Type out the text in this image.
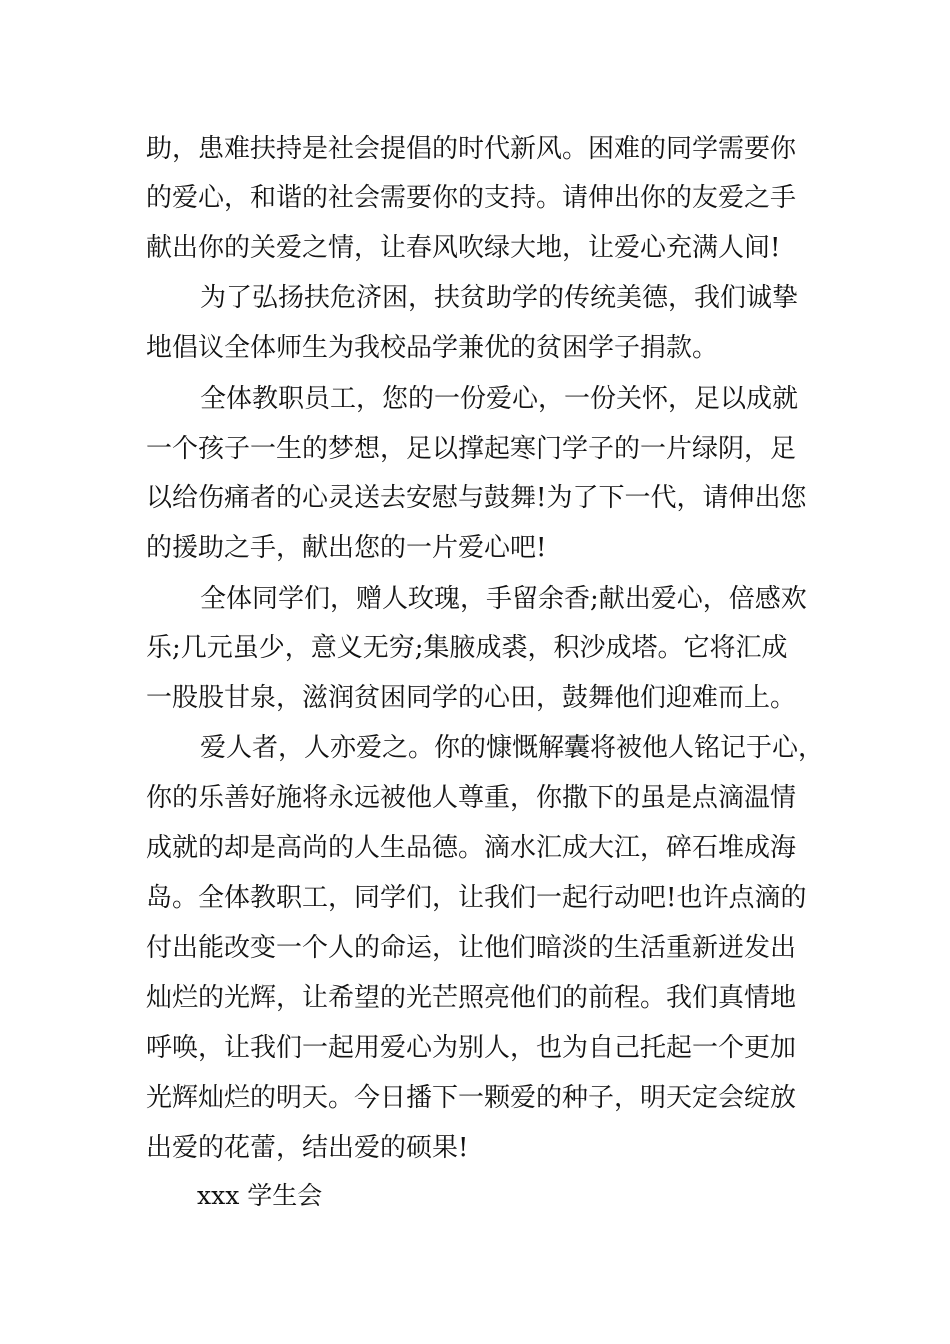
助，患难扶持是社会提倡的时代新风。困难的同学需要你
的爱心，和谐的社会需要你的支持。请伸出你的友爱之手
献出你的关爱之情，让春风吹绿大地，让爱心充满人间!
为了弘扬扶危济困，扶贫助学的传统美德，我们诚挚
地倡议全体师生为我校品学兼优的贫困学子捐款。
全体教职员工，您的一份爱心，一份关怀，足以成就
一个孩子一生的梦想，足以撑起寒门学子的一片绿阴，足
以给伤痛者的心灵送去安慰与鼓舞!为了下一代，请伸出您
的援助之手，献出您的一片爱心吧!
全体同学们，赠人玫瑰，手留余香;献出爱心，倍感欢
乐;几元虽少，意义无穷;集腋成裘，积沙成塔。它将汇成
一股股甘泉，滋润贫困同学的心田，鼓舞他们迎难而上。
爱人者，人亦爱之。你的慷慨解囊将被他人铭记于心，
你的乐善好施将永远被他人尊重，你撒下的虽是点滴温情
成就的却是高尚的人生品德。滴水汇成大江，碎石堆成海
岛。全体教职工，同学们，让我们一起行动吧!也许点滴的
付出能改变一个人的命运，让他们暗淡的生活重新迸发出
灿烂的光辉，让希望的光芒照亮他们的前程。我们真情地
呼唤，让我们一起用爱心为别人，也为自己托起一个更加
光辉灿烂的明天。今日播下一颗爱的种子，明天定会绽放
出爱的花蕾，结出爱的硕果!
xxx 学生会
